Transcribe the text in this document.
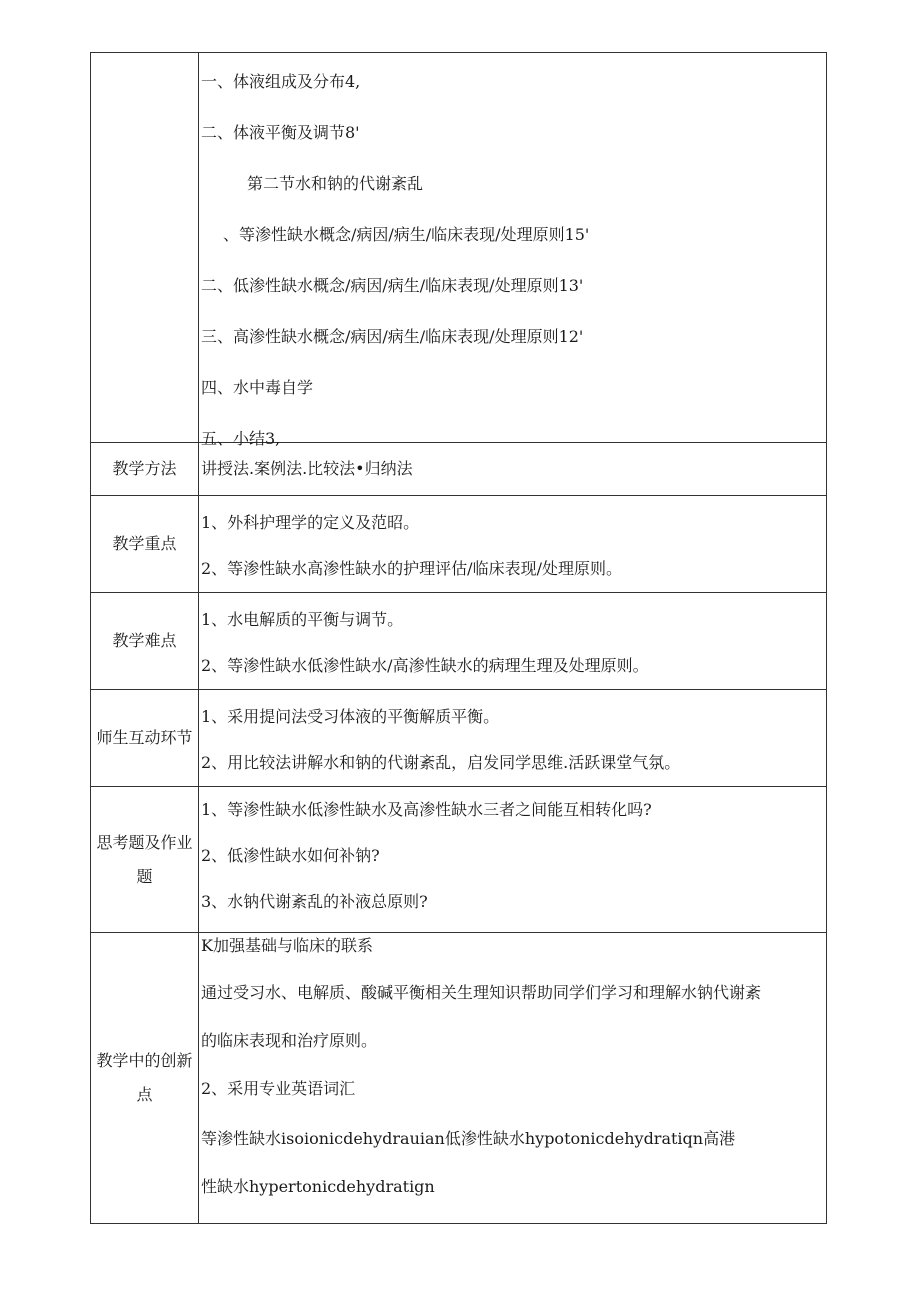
一、体液组成及分布4,
二、体液平衡及调节8'
第二节水和钠的代谢紊乱
、等渗性缺水概念/病因/病生/临床表现/处理原则15'
二、低渗性缺水概念/病因/病生/临床表现/处理原则13'
三、高渗性缺水概念/病因/病生/临床表现/处理原则12'
四、水中毒自学
五、小结3,
教学方法	讲授法.案例法.比较法•归纳法
教学重点
1、外科护理学的定义及范昭。
2、等渗性缺水高渗性缺水的护理评估/临床表现/处理原则。
教学难点
1、水电解质的平衡与调节。
2、等渗性缺水低渗性缺水/高渗性缺水的病理生理及处理原则。
师生互动环节
1、采用提问法受习体液的平衡解质平衡。
2、用比较法讲解水和钠的代谢紊乱，启发同学思维.活跃课堂气氛。
思考题及作业
题
1、等渗性缺水低渗性缺水及高渗性缺水三者之间能互相转化吗?
2、低渗性缺水如何补钠?
3、水钠代谢紊乱的补液总原则?
教学中的创新
点
K加强基础与临床的联系
通过受习水、电解质、酸碱平衡相关生理知识帮助同学们学习和理解水钠代谢紊
的临床表现和治疗原则。
2、采用专业英语词汇
等渗性缺水isoionicdehydrauian低渗性缺水hypotonicdehydratiqn高港
性缺水hypertonicdehydratign
